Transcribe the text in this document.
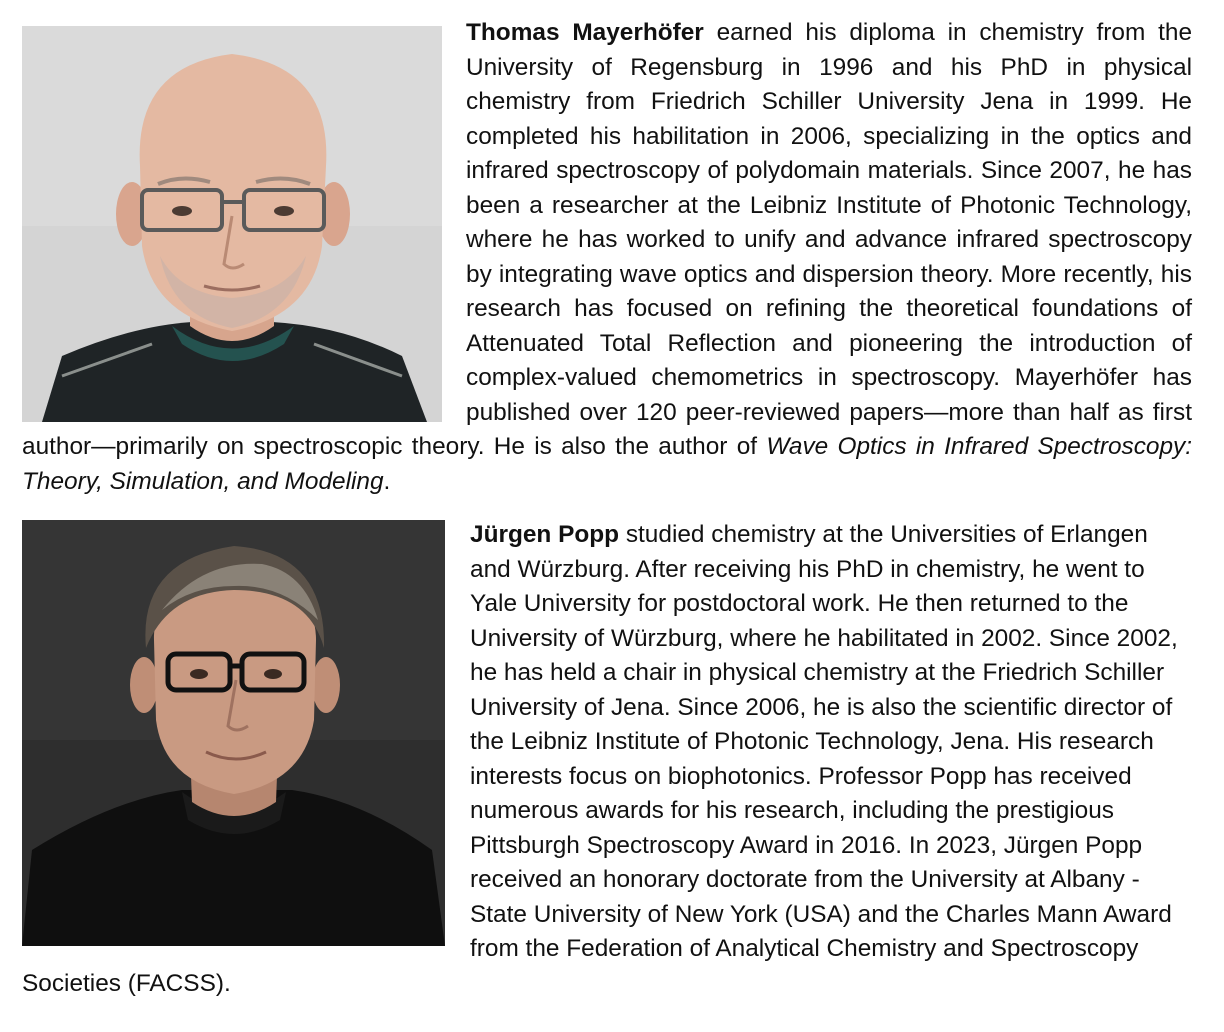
Thomas Mayerhöfer earned his diploma in chemistry from the University of Regensburg in 1996 and his PhD in physical chemistry from Friedrich Schiller University Jena in 1999. He completed his habilitation in 2006, specializing in the optics and infrared spectroscopy of polydomain materials. Since 2007, he has been a researcher at the Leibniz Institute of Photonic Technology, where he has worked to unify and advance infrared spectroscopy by integrating wave optics and dispersion theory. More recently, his research has focused on refining the theoretical foundations of Attenuated Total Reflection and pioneering the introduction of complex-valued chemometrics in spectroscopy. Mayerhöfer has published over 120 peer-reviewed papers—more than half as first author—primarily on spectroscopic theory. He is also the author of Wave Optics in Infrared Spectroscopy: Theory, Simulation, and Modeling.
Jürgen Popp studied chemistry at the Universities of Erlangen and Würzburg. After receiving his PhD in chemistry, he went to Yale University for postdoctoral work. He then returned to the University of Würzburg, where he habilitated in 2002. Since 2002, he has held a chair in physical chemistry at the Friedrich Schiller University of Jena. Since 2006, he is also the scientific director of the Leibniz Institute of Photonic Technology, Jena. His research interests focus on biophotonics. Professor Popp has received numerous awards for his research, including the prestigious Pittsburgh Spectroscopy Award in 2016. In 2023, Jürgen Popp received an honorary doctorate from the University at Albany - State University of New York (USA) and the Charles Mann Award from the Federation of Analytical Chemistry and Spectroscopy Societies (FACSS).
